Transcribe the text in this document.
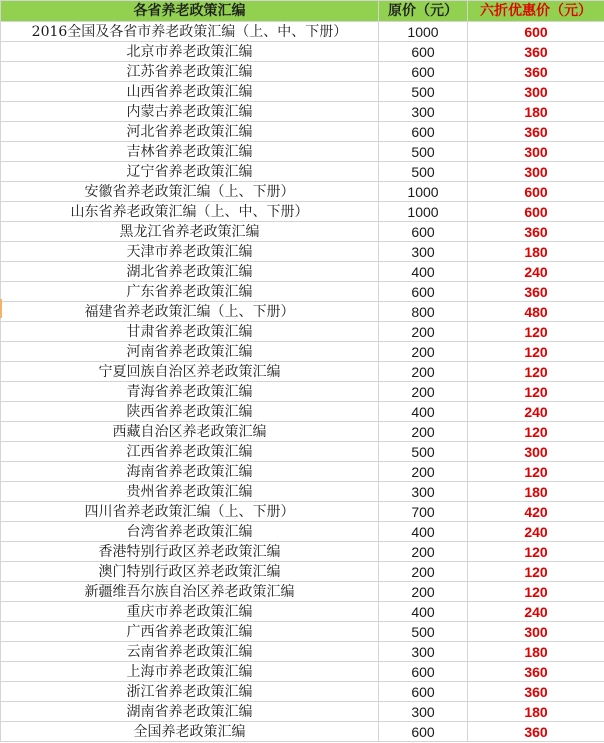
各省养老政策汇编	原价（元）	六折优惠价（元）
2016全国及各省市养老政策汇编（上、中、下册）	1000	600
北京市养老政策汇编	600	360
江苏省养老政策汇编	600	360
山西省养老政策汇编	500	300
内蒙古养老政策汇编	300	180
河北省养老政策汇编	600	360
吉林省养老政策汇编	500	300
辽宁省养老政策汇编	500	300
安徽省养老政策汇编（上、下册）	1000	600
山东省养老政策汇编（上、中、下册）	1000	600
黑龙江省养老政策汇编	600	360
天津市养老政策汇编	300	180
湖北省养老政策汇编	400	240
广东省养老政策汇编	600	360
福建省养老政策汇编（上、下册）	800	480
甘肃省养老政策汇编	200	120
河南省养老政策汇编	200	120
宁夏回族自治区养老政策汇编	200	120
青海省养老政策汇编	200	120
陕西省养老政策汇编	400	240
西藏自治区养老政策汇编	200	120
江西省养老政策汇编	500	300
海南省养老政策汇编	200	120
贵州省养老政策汇编	300	180
四川省养老政策汇编（上、下册）	700	420
台湾省养老政策汇编	400	240
香港特别行政区养老政策汇编	200	120
澳门特别行政区养老政策汇编	200	120
新疆维吾尔族自治区养老政策汇编	200	120
重庆市养老政策汇编	400	240
广西省养老政策汇编	500	300
云南省养老政策汇编	300	180
上海市养老政策汇编	600	360
浙江省养老政策汇编	600	360
湖南省养老政策汇编	300	180
全国养老政策汇编	600	360
